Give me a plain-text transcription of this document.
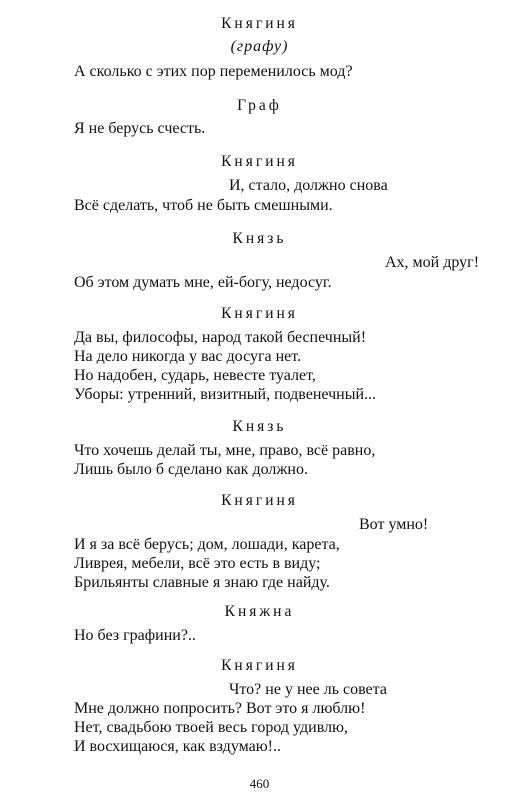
Княгиня
(графу)
А сколько с этих пор переменилось мод?
Граф
Я не берусь счесть.
Княгиня
И, стало, должно снова
Всё сделать, чтоб не быть смешными.
Князь
Ах, мой друг!
Об этом думать мне, ей-богу, недосуг.
Княгиня
Да вы, философы, народ такой беспечный!
На дело никогда у вас досуга нет.
Но надобен, сударь, невесте туалет,
Уборы: утренний, визитный, подвенечный...
Князь
Что хочешь делай ты, мне, право, всё равно,
Лишь было б сделано как должно.
Княгиня
Вот умно!
И я за всё берусь; дом, лошади, карета,
Ливрея, мебели, всё это есть в виду;
Брильянты славные я знаю где найду.
Княжна
Но без графини?..
Княгиня
Что? не у нее ль совета
Мне должно попросить? Вот это я люблю!
Нет, свадьбою твоей весь город удивлю,
И восхищаюся, как вздумаю!..
460
